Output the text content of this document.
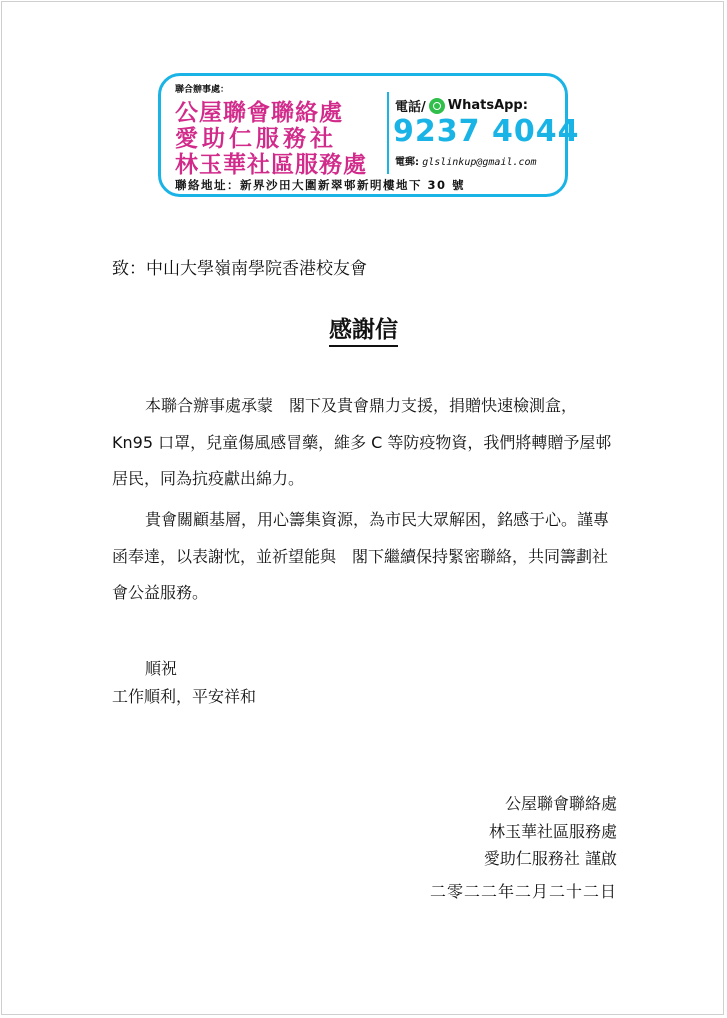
聯合辦事處：
公屋聯會聯絡處
愛助仁服務社
林玉華社區服務處
電話/ WhatsApp:
9237 4044
電郵: glslinkup@gmail.com
聯絡地址：新界沙田大圍新翠邨新明樓地下 30 號
致：中山大學嶺南學院香港校友會
感謝信

本聯合辦事處承蒙　閣下及貴會鼎力支援，捐贈快速檢測盒，Kn95 口罩，兒童傷風感冒藥，維多 C 等防疫物資，我們將轉贈予屋邨居民，同為抗疫獻出綿力。

貴會關顧基層，用心籌集資源，為市民大眾解困，銘感于心。謹專函奉達，以表謝忱，並祈望能與　閣下繼續保持緊密聯絡，共同籌劃社會公益服務。

順祝
工作順利，平安祥和
公屋聯會聯絡處
林玉華社區服務處
愛助仁服務社 謹啟
二零二二年二月二十二日
